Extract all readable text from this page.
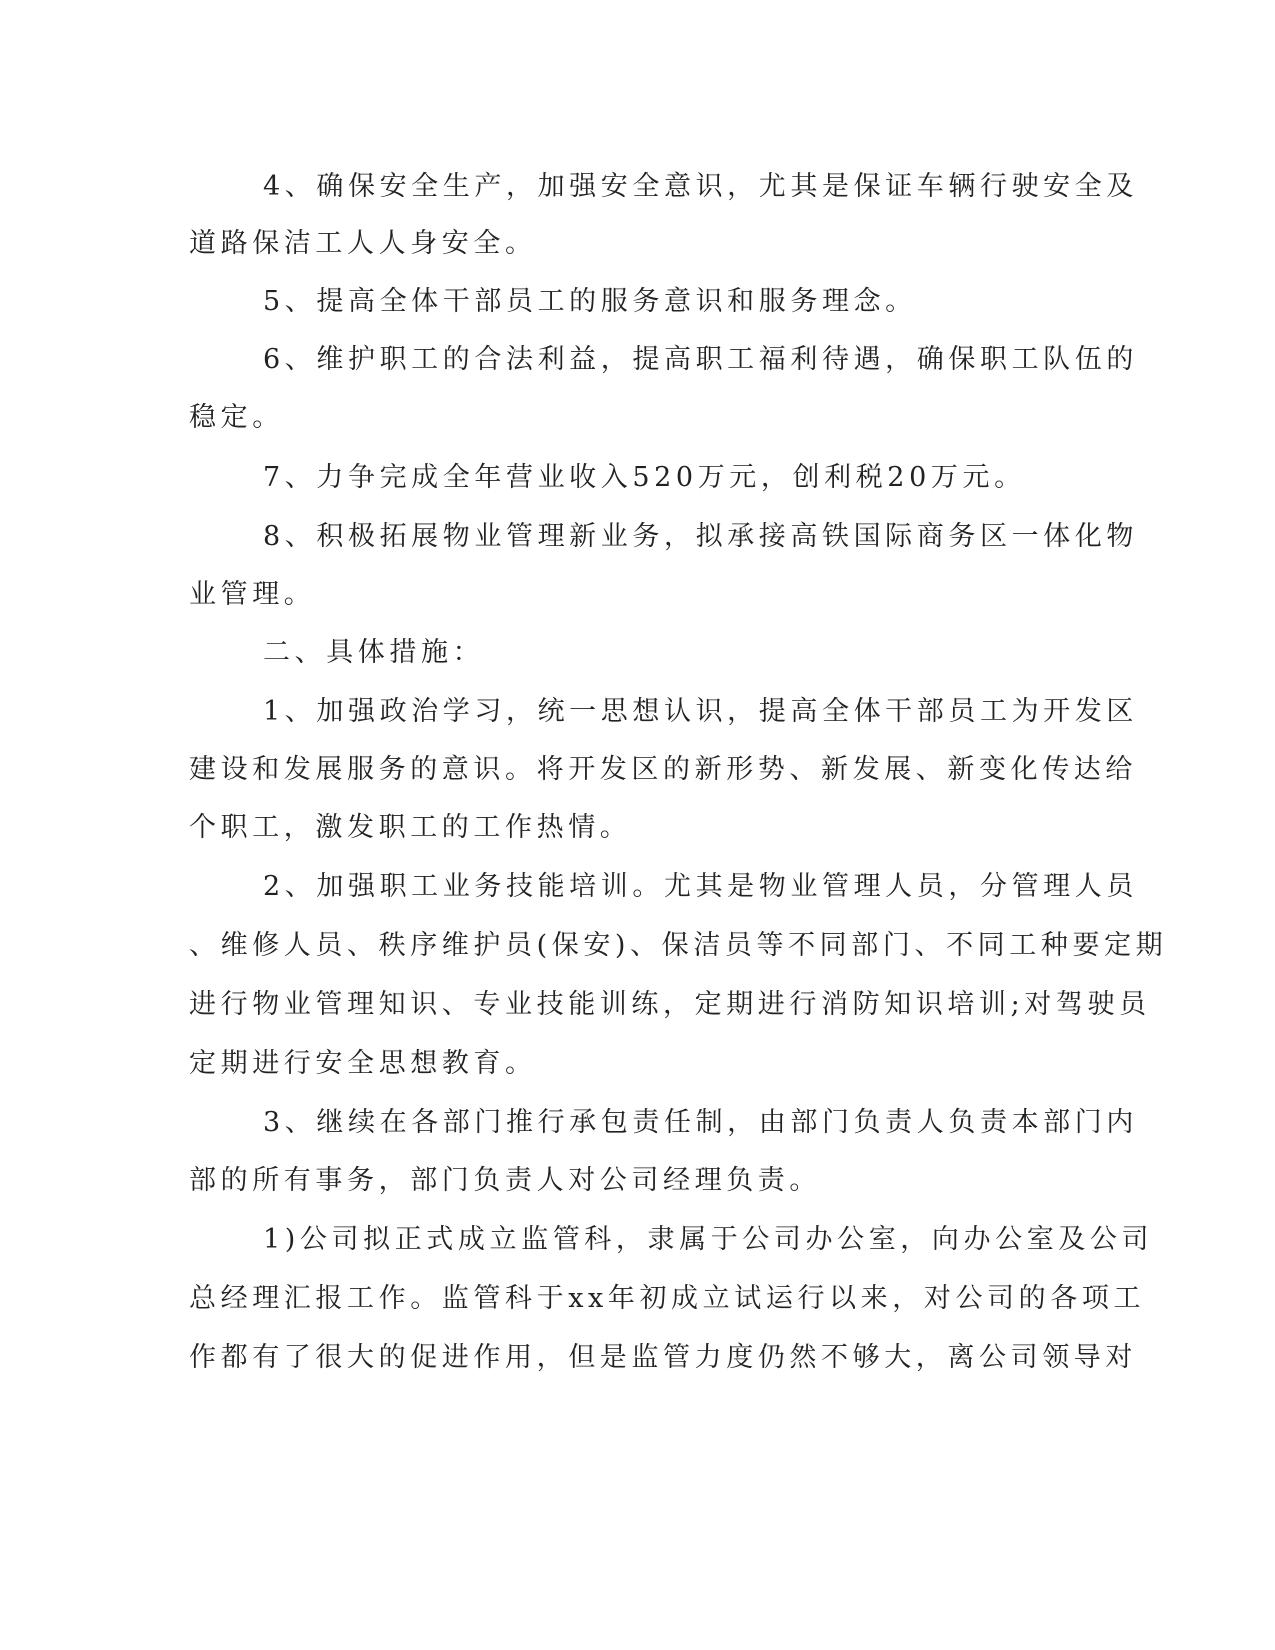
4、确保安全生产，加强安全意识，尤其是保证车辆行驶安全及

道路保洁工人人身安全。

5、提高全体干部员工的服务意识和服务理念。

6、维护职工的合法利益，提高职工福利待遇，确保职工队伍的

稳定。

7、力争完成全年营业收入520万元，创利税20万元。

8、积极拓展物业管理新业务，拟承接高铁国际商务区一体化物

业管理。

二、具体措施：

1、加强政治学习，统一思想认识，提高全体干部员工为开发区

建设和发展服务的意识。将开发区的新形势、新发展、新变化传达给

个职工，激发职工的工作热情。

2、加强职工业务技能培训。尤其是物业管理人员，分管理人员

、维修人员、秩序维护员(保安)、保洁员等不同部门、不同工种要定期

进行物业管理知识、专业技能训练，定期进行消防知识培训;对驾驶员

定期进行安全思想教育。

3、继续在各部门推行承包责任制，由部门负责人负责本部门内

部的所有事务，部门负责人对公司经理负责。

1)公司拟正式成立监管科，隶属于公司办公室，向办公室及公司

总经理汇报工作。监管科于xx年初成立试运行以来，对公司的各项工

作都有了很大的促进作用，但是监管力度仍然不够大，离公司领导对
